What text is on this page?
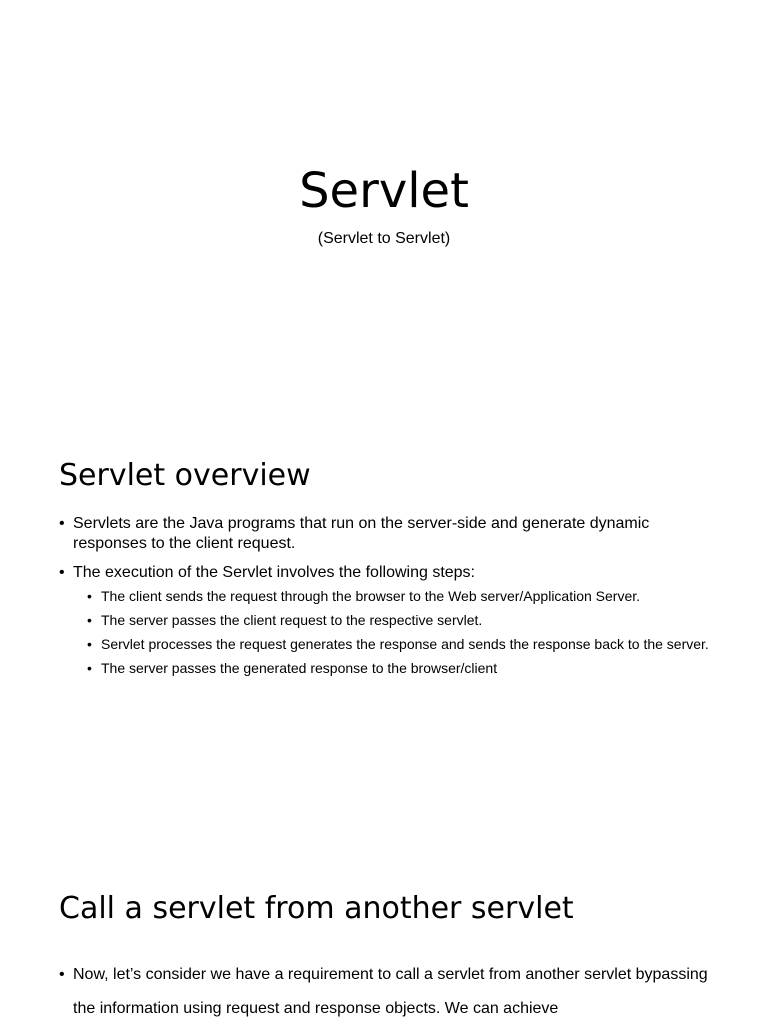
Servlet
(Servlet to Servlet)
Servlet overview
• Servlets are the Java programs that run on the server-side and generate dynamic responses to the client request.
• The execution of the Servlet involves the following steps:
• The client sends the request through the browser to the Web server/Application Server.
• The server passes the client request to the respective servlet.
• Servlet processes the request generates the response and sends the response back to the server.
• The server passes the generated response to the browser/client
Call a servlet from another servlet
• Now, let’s consider we have a requirement to call a servlet from another servlet bypassing the information using request and response objects. We can achieve
